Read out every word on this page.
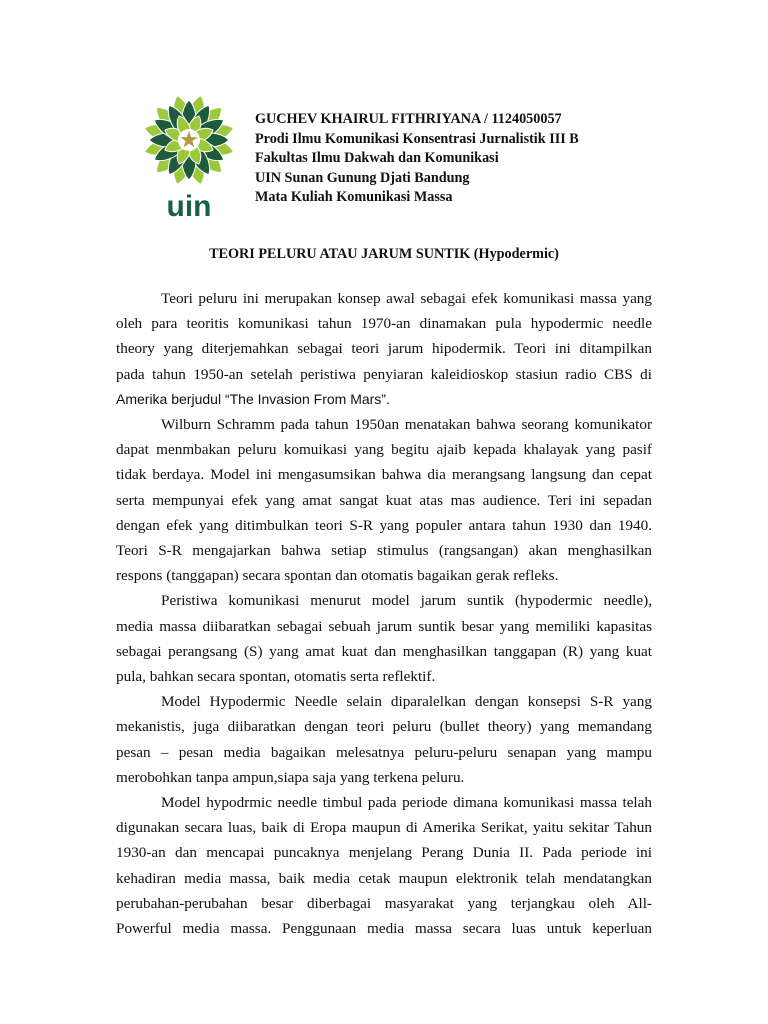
uin
GUCHEV KHAIRUL FITHRIYANA / 1124050057
Prodi Ilmu Komunikasi Konsentrasi Jurnalistik III B
Fakultas Ilmu Dakwah dan Komunikasi
UIN Sunan Gunung Djati Bandung
Mata Kuliah Komunikasi Massa
TEORI PELURU ATAU JARUM SUNTIK (Hypodermic)
Teori peluru ini merupakan konsep awal sebagai efek komunikasi massa yang
oleh para teoritis komunikasi tahun 1970-an dinamakan pula hypodermic needle
theory yang diterjemahkan sebagai teori jarum hipodermik. Teori ini ditampilkan
pada tahun 1950-an setelah peristiwa penyiaran kaleidioskop stasiun radio CBS di
Amerika berjudul “The Invasion From Mars”.
Wilburn Schramm pada tahun 1950an menatakan bahwa seorang komunikator
dapat menmbakan peluru komuikasi yang begitu ajaib kepada khalayak yang pasif
tidak berdaya. Model ini mengasumsikan bahwa dia merangsang langsung dan cepat
serta mempunyai efek yang amat sangat kuat atas mas audience. Teri ini sepadan
dengan efek yang ditimbulkan teori S-R yang populer antara tahun 1930 dan 1940.
Teori S-R mengajarkan bahwa setiap stimulus (rangsangan) akan menghasilkan
respons (tanggapan) secara spontan dan otomatis bagaikan gerak refleks.
Peristiwa komunikasi menurut model jarum suntik (hypodermic needle),
media massa diibaratkan sebagai sebuah jarum suntik besar yang memiliki kapasitas
sebagai perangsang (S) yang amat kuat dan menghasilkan tanggapan (R) yang kuat
pula, bahkan secara spontan, otomatis serta reflektif.
Model Hypodermic Needle selain diparalelkan dengan konsepsi S-R yang
mekanistis, juga diibaratkan dengan teori peluru (bullet theory) yang memandang
pesan – pesan media bagaikan melesatnya peluru-peluru senapan yang mampu
merobohkan tanpa ampun,siapa saja yang terkena peluru.
Model hypodrmic needle timbul pada periode dimana komunikasi massa telah
digunakan secara luas, baik di Eropa maupun di Amerika Serikat, yaitu sekitar Tahun
1930-an dan mencapai puncaknya menjelang Perang Dunia II. Pada periode ini
kehadiran media massa, baik media cetak maupun elektronik telah mendatangkan
perubahan-perubahan besar diberbagai masyarakat yang terjangkau oleh All-
Powerful media massa. Penggunaan media massa secara luas untuk keperluan
